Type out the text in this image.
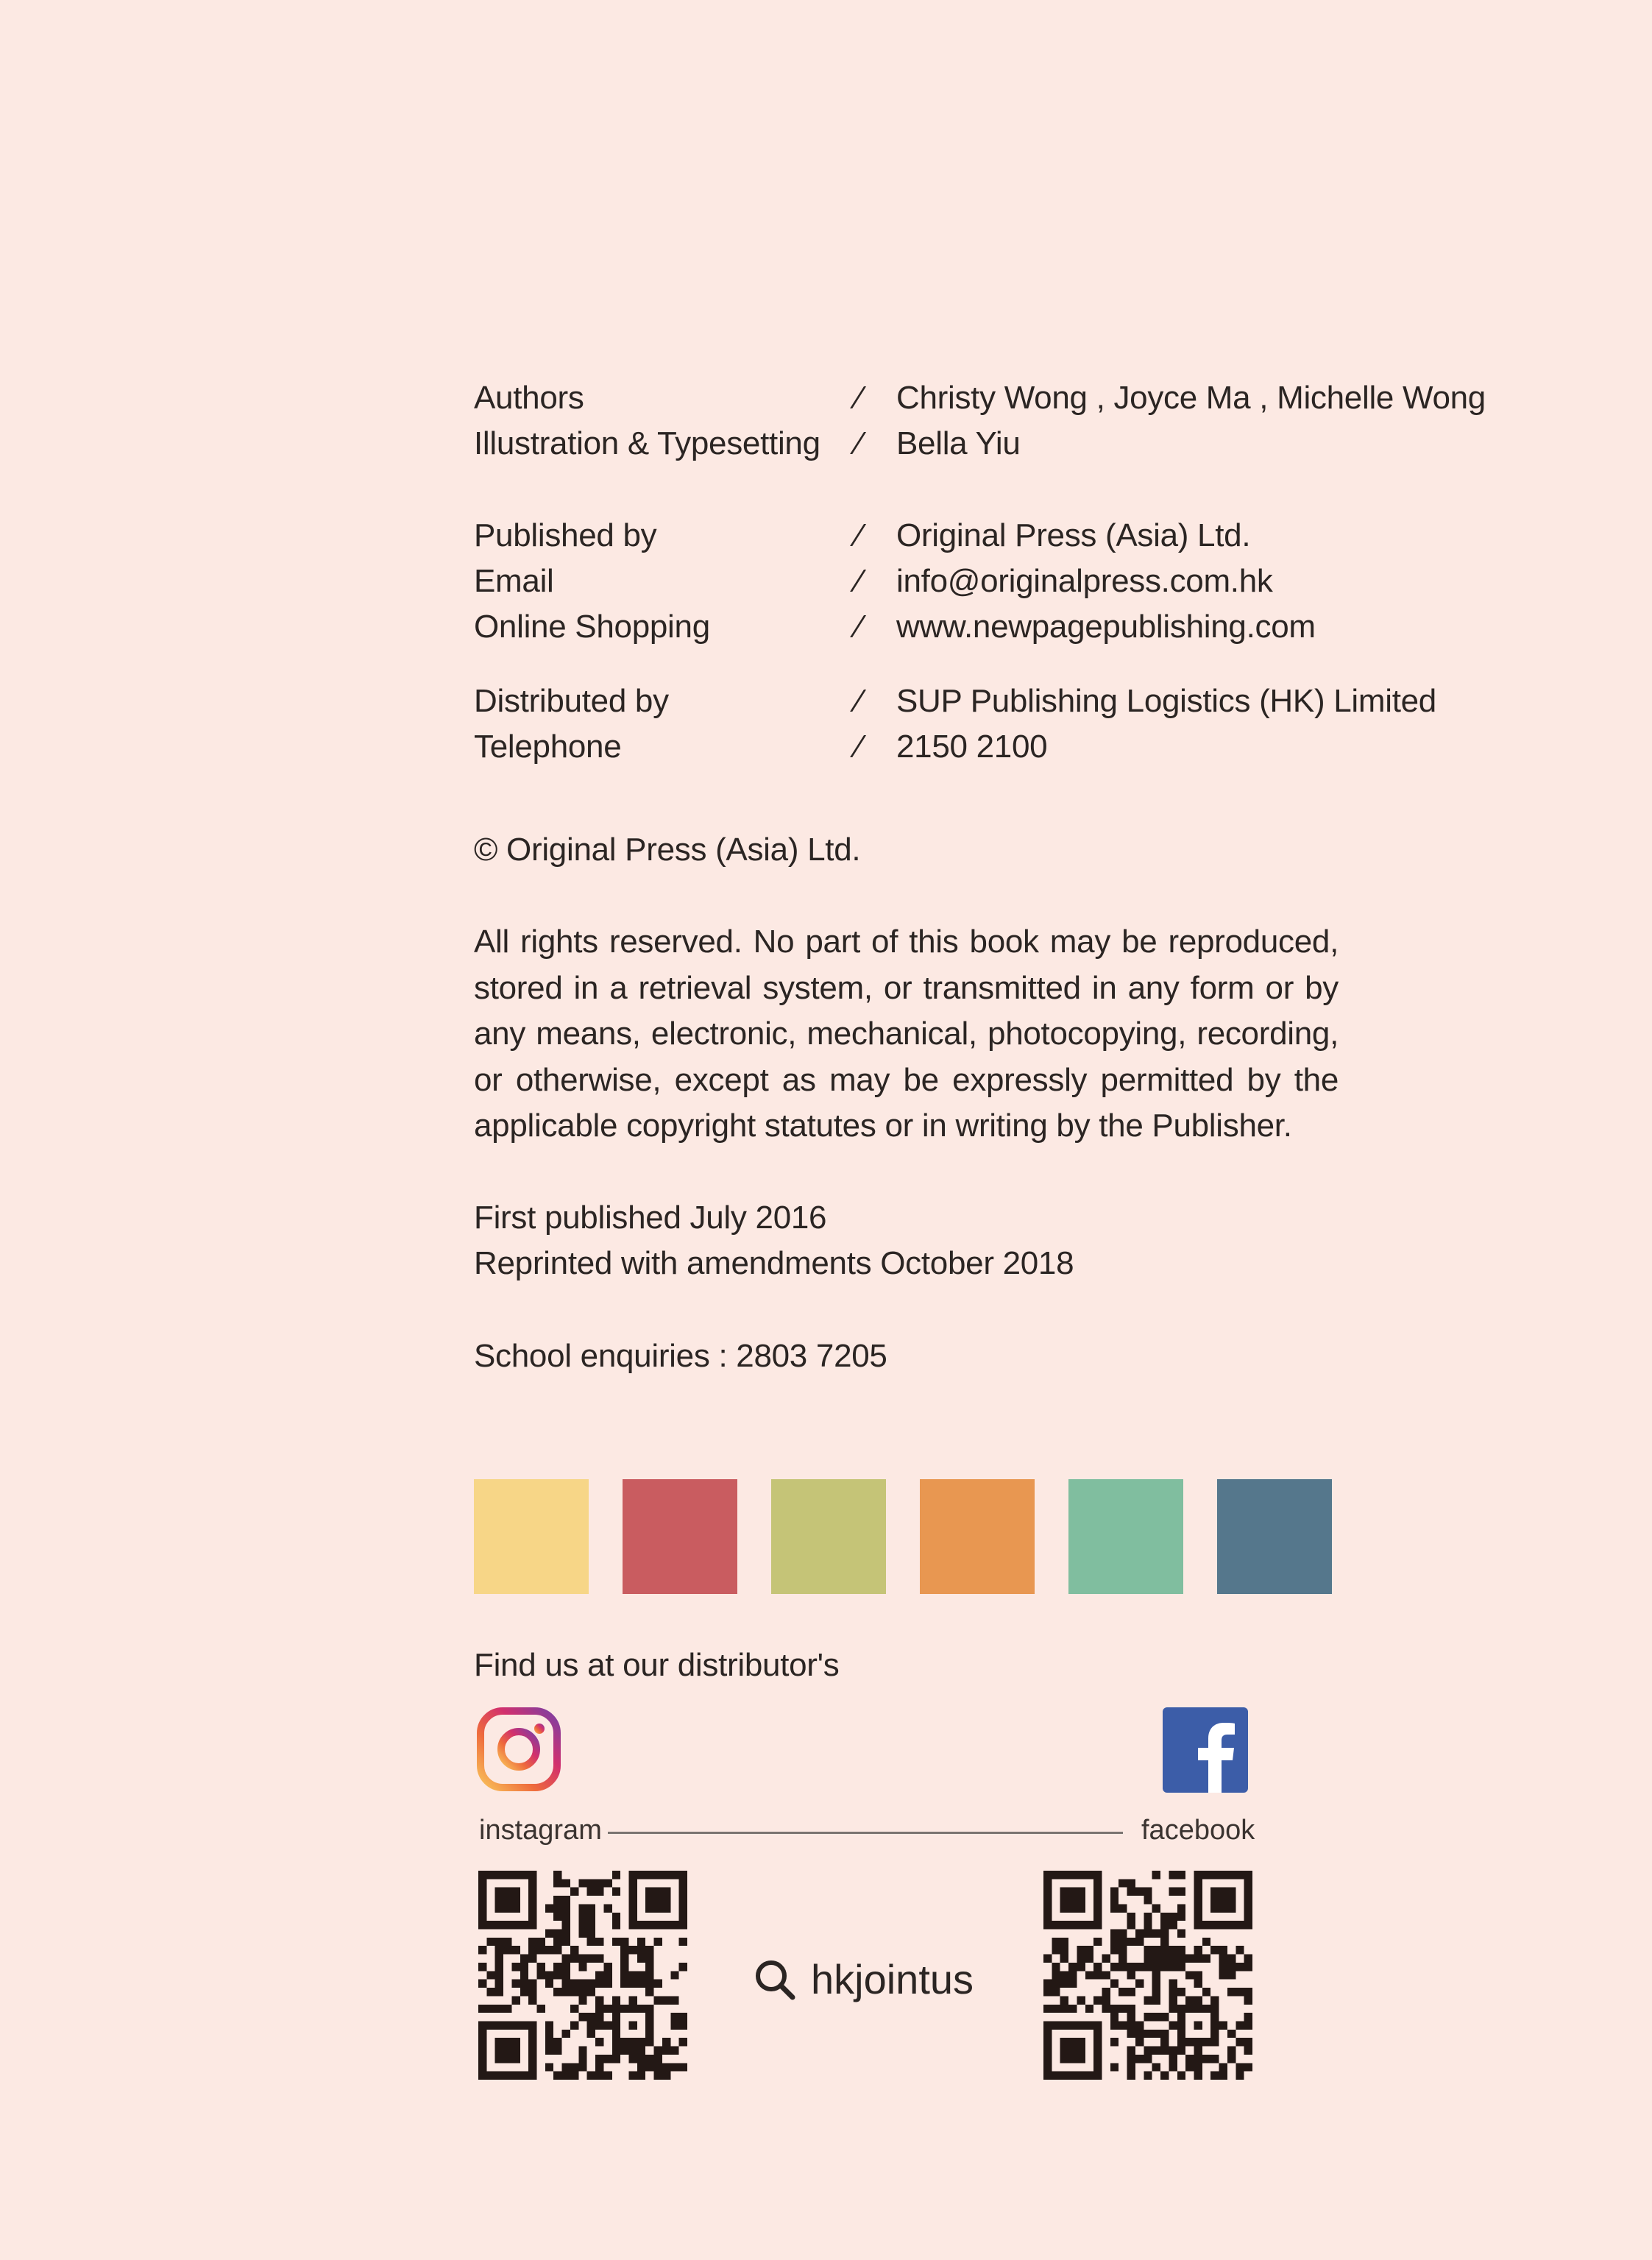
Authors	⁄ Christy Wong , Joyce Ma , Michelle Wong
Illustration & Typesetting ⁄ Bella Yiu
Published by	⁄ Original Press (Asia) Ltd.
Email	⁄ info@originalpress.com.hk
Online Shopping	⁄ www.newpagepublishing.com
Distributed by	⁄ SUP Publishing Logistics (HK) Limited
Telephone	⁄ 2150 2100
© Original Press (Asia) Ltd.
All rights reserved. No part of this book may be reproduced, stored in a retrieval system, or transmitted in any form or by any means, electronic, mechanical, photocopying, recording, or otherwise, except as may be expressly permitted by the applicable copyright statutes or in writing by the Publisher.
First published July 2016
Reprinted with amendments October 2018
School enquiries : 2803 7205
Find us at our distributor's
instagram	facebook
hkjointus
